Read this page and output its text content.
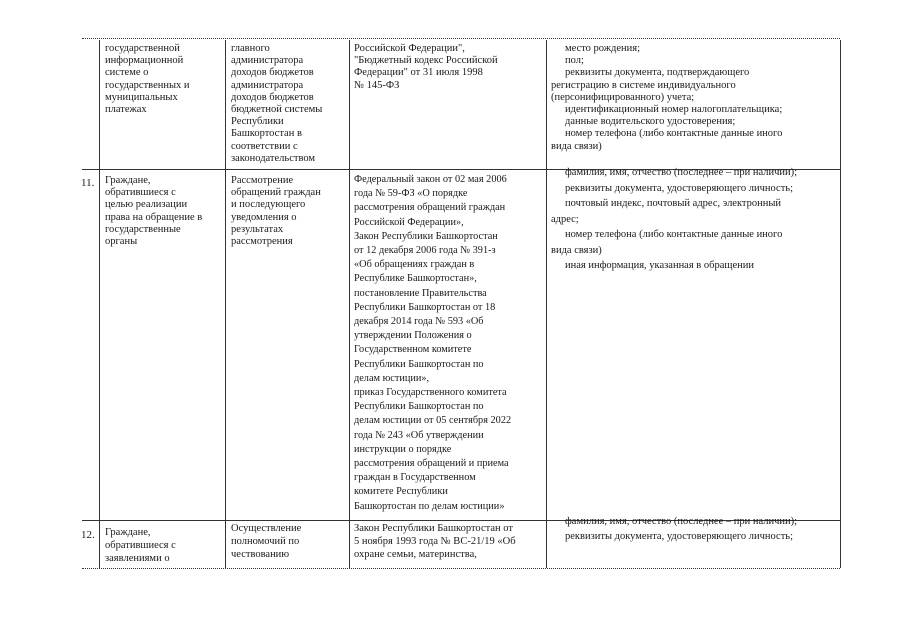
государственной

информационной

системе о

государственных и

муниципальных

платежах

главного

администратора

доходов бюджетов

администратора

доходов бюджетов

бюджетной системы

Республики

Башкортостан в

соответствии с

законодательством

Российской Федерации",

"Бюджетный кодекс Российской

Федерации" от 31 июля 1998

№ 145-ФЗ

место рождения;

пол;

реквизиты документа, подтверждающего

регистрацию в системе индивидуального

(персонифицированного) учета;

идентификационный номер налогоплательщика;

данные водительского удостоверения;

номер телефона (либо контактные данные иного

вида связи)

11. Граждане,

обратившиеся с

целью реализации

права на обращение в

государственные

органы

Рассмотрение

обращений граждан

и последующего

уведомления о

результатах

рассмотрения

Федеральный закон от 02 мая 2006

года № 59-ФЗ «О порядке

рассмотрения обращений граждан

Российской Федерации»,

Закон Республики Башкортостан

от 12 декабря 2006 года № 391-з

«Об обращениях граждан в

Республике Башкортостан»,

постановление Правительства

Республики Башкортостан от 18

декабря 2014 года № 593 «Об

утверждении Положения о

Государственном комитете

Республики Башкортостан по

делам юстиции»,

приказ Государственного комитета

Республики Башкортостан по

делам юстиции от 05 сентября 2022

года № 243 «Об утверждении

инструкции о порядке

рассмотрения обращений и приема

граждан в Государственном

комитете Республики

Башкортостан по делам юстиции»

фамилия, имя, отчество (последнее – при наличии);

реквизиты документа, удостоверяющего личность;

почтовый индекс, почтовый адрес, электронный

адрес;

номер телефона (либо контактные данные иного

вида связи)

иная информация, указанная в обращении

12. Граждане,

обратившиеся с

заявлениями о

Осуществление

полномочий по

чествованию

Закон Республики Башкортостан от

5 ноября 1993 года № ВС-21/19 «Об

охране семьи, материнства,

фамилия, имя, отчество (последнее – при наличии);

реквизиты документа, удостоверяющего личность;
